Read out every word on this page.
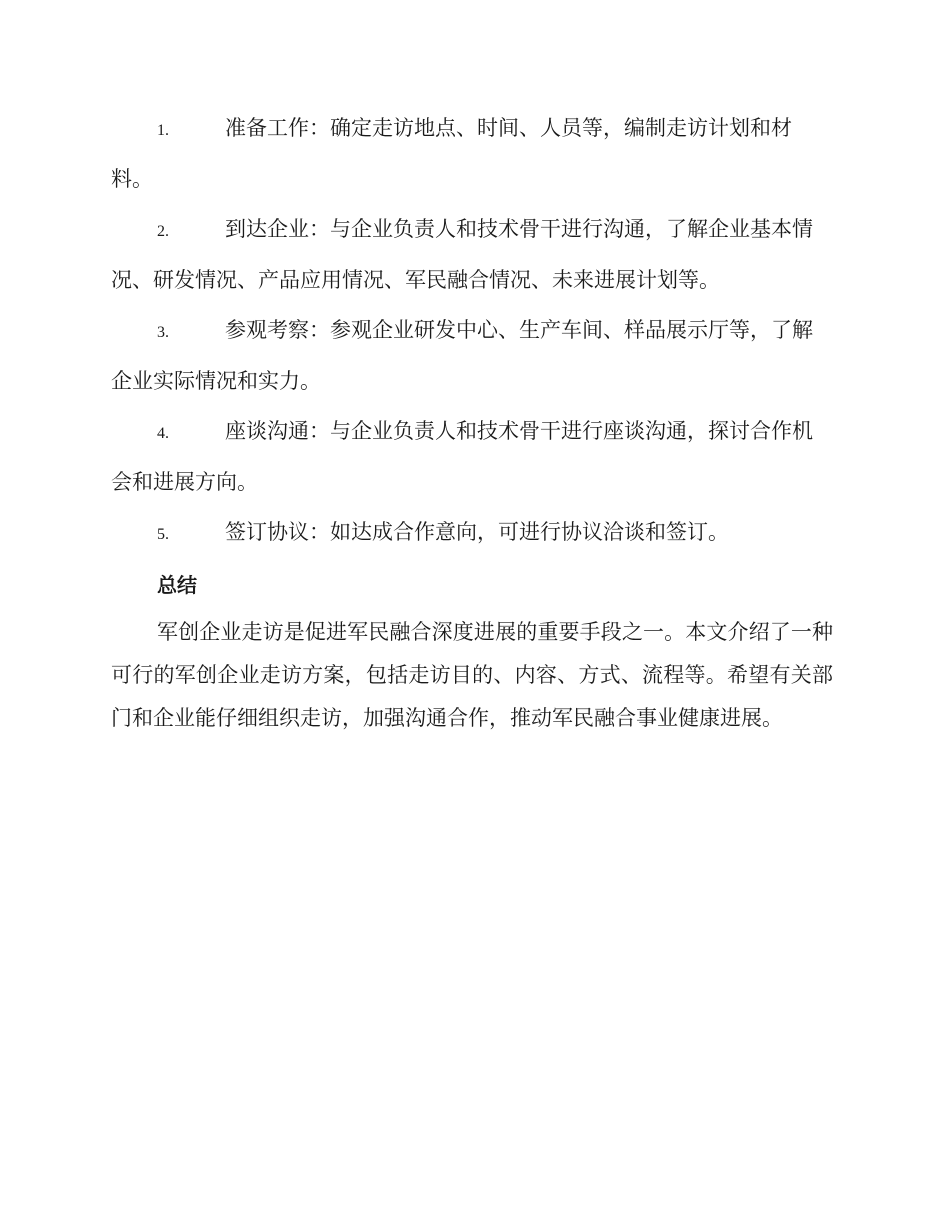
1.	准备工作：确定走访地点、时间、人员等，编制走访计划和材料。

2.	到达企业：与企业负责人和技术骨干进行沟通，了解企业基本情况、研发情况、产品应用情况、军民融合情况、未来进展计划等。

3.	参观考察：参观企业研发中心、生产车间、样品展示厅等，了解企业实际情况和实力。

4.	座谈沟通：与企业负责人和技术骨干进行座谈沟通，探讨合作机会和进展方向。

5.	签订协议：如达成合作意向，可进行协议洽谈和签订。

总结

军创企业走访是促进军民融合深度进展的重要手段之一。本文介绍了一种可行的军创企业走访方案，包括走访目的、内容、方式、流程等。希望有关部门和企业能仔细组织走访，加强沟通合作，推动军民融合事业健康进展。
